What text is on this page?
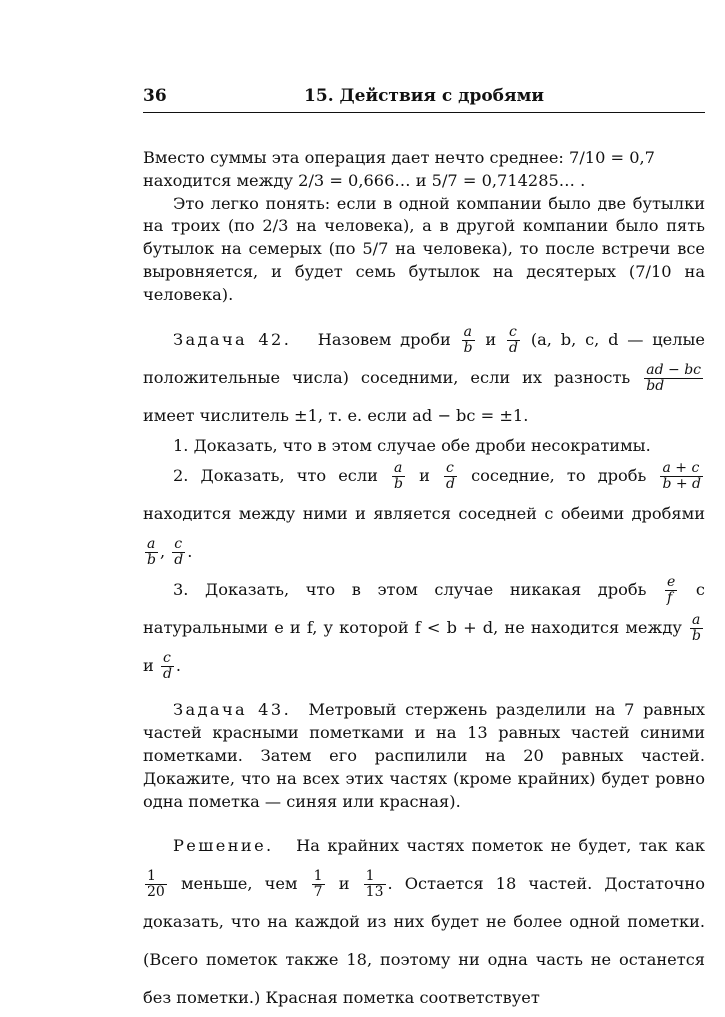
36	15. Действия с дробями

Вместо суммы эта операция дает нечто среднее: 7/10 = 0,7
находится между 2/3 = 0,666… и 5/7 = 0,714285… .

Это легко понять: если в одной компании было две бутылки на троих (по 2/3 на человека), а в другой компании было пять бутылок на семерых (по 5/7 на человека), то после встречи все выровняется, и будет семь бутылок на десятерых (7/10 на человека).

Задача 42. Назовем дроби $\frac{a}{b}$ и $\frac{c}{d} (a$, b, c, d — целые положительные числа) соседними, если их разность $\frac{ad - bc}{bd}$
имеет числитель ±1, т. е. если ad − bc = ±1.

1. Доказать, что в этом случае обе дроби несократимы.

2. Доказать, что если $\frac{a}{b}$ и $\frac{c}{d}$ соседние, то дробь $\frac{a + c}{b + d}$
находится между ними и является соседней с обеими дробями
$\frac{a}{b}$ , $\frac{c}{d}$ .

3. Доказать, что в этом случае никакая дробь $\frac{e}{f}$ с натуральными e и f, у которой f < b + d, не находится между $\frac{a}{b}$
и $\frac{c}{d}$ .

Задача 43. Метровый стержень разделили на 7 равных частей красными пометками и на 13 равных частей синими пометками. Затем его распилили на 20 равных частей. Докажите, что на всех этих частях (кроме крайних) будет ровно одна пометка — синяя или красная).

Решение. На крайних частях пометок не будет, так как
$\frac{1}{20}$ меньше, чем $\frac{1}{7}$ и $\frac{1}{13}$ . Остается 18 частей. Достаточно доказать, что на каждой из них будет не более одной пометки. (Всего пометок также 18, поэтому ни одна часть не останется без пометки.) Красная пометка соответствует
